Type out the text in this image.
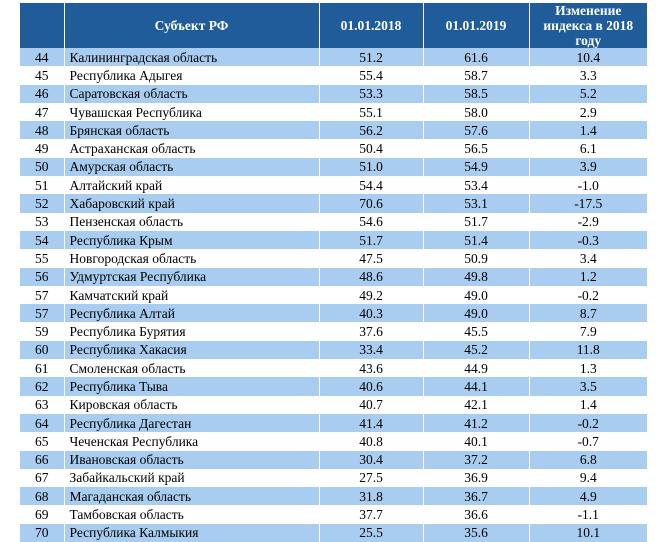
	Субъект РФ	01.01.2018	01.01.2019	Изменение индекса в 2018 году
44	Калининградская область	51.2	61.6	10.4
45	Республика Адыгея	55.4	58.7	3.3
46	Саратовская область	53.3	58.5	5.2
47	Чувашская Республика	55.1	58.0	2.9
48	Брянская область	56.2	57.6	1.4
49	Астраханская область	50.4	56.5	6.1
50	Амурская область	51.0	54.9	3.9
51	Алтайский край	54.4	53.4	-1.0
52	Хабаровский край	70.6	53.1	-17.5
53	Пензенская область	54.6	51.7	-2.9
54	Республика Крым	51.7	51.4	-0.3
55	Новгородская область	47.5	50.9	3.4
56	Удмуртская Республика	48.6	49.8	1.2
57	Камчатский край	49.2	49.0	-0.2
57	Республика Алтай	40.3	49.0	8.7
59	Республика Бурятия	37.6	45.5	7.9
60	Республика Хакасия	33.4	45.2	11.8
61	Смоленская область	43.6	44.9	1.3
62	Республика Тыва	40.6	44.1	3.5
63	Кировская область	40.7	42.1	1.4
64	Республика Дагестан	41.4	41.2	-0.2
65	Чеченская Республика	40.8	40.1	-0.7
66	Ивановская область	30.4	37.2	6.8
67	Забайкальский край	27.5	36.9	9.4
68	Магаданская область	31.8	36.7	4.9
69	Тамбовская область	37.7	36.6	-1.1
70	Республика Калмыкия	25.5	35.6	10.1
